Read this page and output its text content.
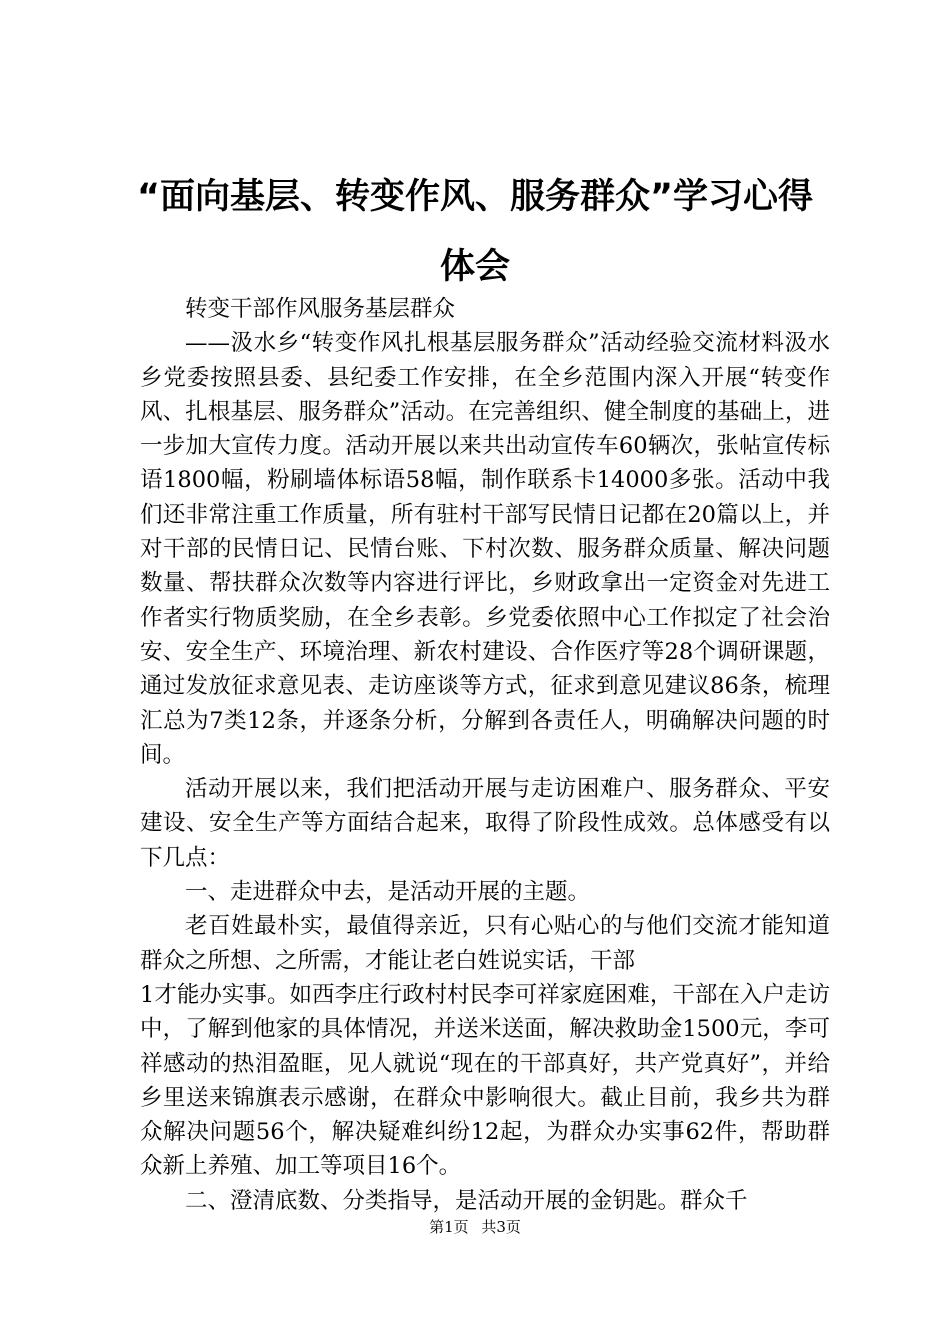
“面向基层、转变作风、服务群众”学习心得体会

转变干部作风服务基层群众

——汲水乡“转变作风扎根基层服务群众”活动经验交流材料汲水乡党委按照县委、县纪委工作安排，在全乡范围内深入开展“转变作风、扎根基层、服务群众”活动。在完善组织、健全制度的基础上，进一步加大宣传力度。活动开展以来共出动宣传车60辆次，张帖宣传标语1800幅，粉刷墙体标语58幅，制作联系卡14000多张。活动中我们还非常注重工作质量，所有驻村干部写民情日记都在20篇以上，并对干部的民情日记、民情台账、下村次数、服务群众质量、解决问题数量、帮扶群众次数等内容进行评比，乡财政拿出一定资金对先进工作者实行物质奖励，在全乡表彰。乡党委依照中心工作拟定了社会治安、安全生产、环境治理、新农村建设、合作医疗等28个调研课题，通过发放征求意见表、走访座谈等方式，征求到意见建议86条，梳理汇总为7类12条，并逐条分析，分解到各责任人，明确解决问题的时间。

活动开展以来，我们把活动开展与走访困难户、服务群众、平安建设、安全生产等方面结合起来，取得了阶段性成效。总体感受有以下几点：

一、走进群众中去，是活动开展的主题。

老百姓最朴实，最值得亲近，只有心贴心的与他们交流才能知道群众之所想、之所需，才能让老白姓说实话，干部

1才能办实事。如西李庄行政村村民李可祥家庭困难，干部在入户走访中，了解到他家的具体情况，并送米送面，解决救助金1500元，李可祥感动的热泪盈眶，见人就说“现在的干部真好，共产党真好”，并给乡里送来锦旗表示感谢，在群众中影响很大。截止目前，我乡共为群众解决问题56个，解决疑难纠纷12起，为群众办实事62件，帮助群众新上养殖、加工等项目16个。

二、澄清底数、分类指导，是活动开展的金钥匙。群众千

第1页 共3页
